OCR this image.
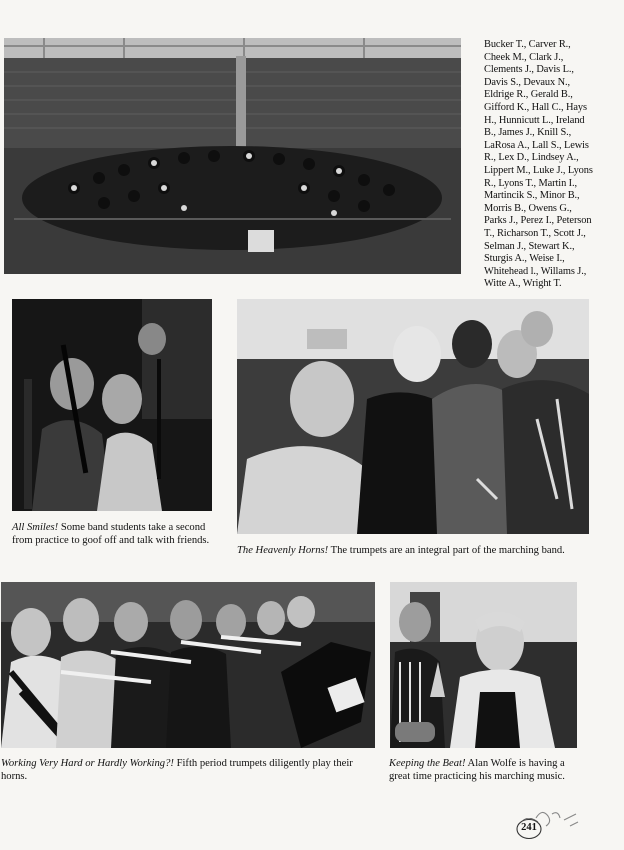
Bucker T., Carver R.,
Cheek M., Clark J.,
Clements J., Davis L.,
Davis S., Devaux N.,
Eldrige R., Gerald B.,
Gifford K., Hall C., Hays
H., Hunnicutt L., Ireland
B., James J., Knill S.,
LaRosa A., Lall S., Lewis
R., Lex D., Lindsey A.,
Lippert M., Luke J., Lyons
R., Lyons T., Martin I.,
Martincik S., Minor B.,
Morris B., Owens G.,
Parks J., Perez I., Peterson
T., Richarson T., Scott J.,
Selman J., Stewart K.,
Sturgis A., Weise I.,
Whitehead l., Willams J.,
Witte A., Wright T.
All Smiles! Some band students take a second from practice to goof off and talk with friends.
The Heavenly Horns! The trumpets are an integral part of the marching band.
Working Very Hard or Hardly Working?! Fifth period trumpets diligently play their horns.
Keeping the Beat! Alan Wolfe is having a great time practicing his marching music.
241
